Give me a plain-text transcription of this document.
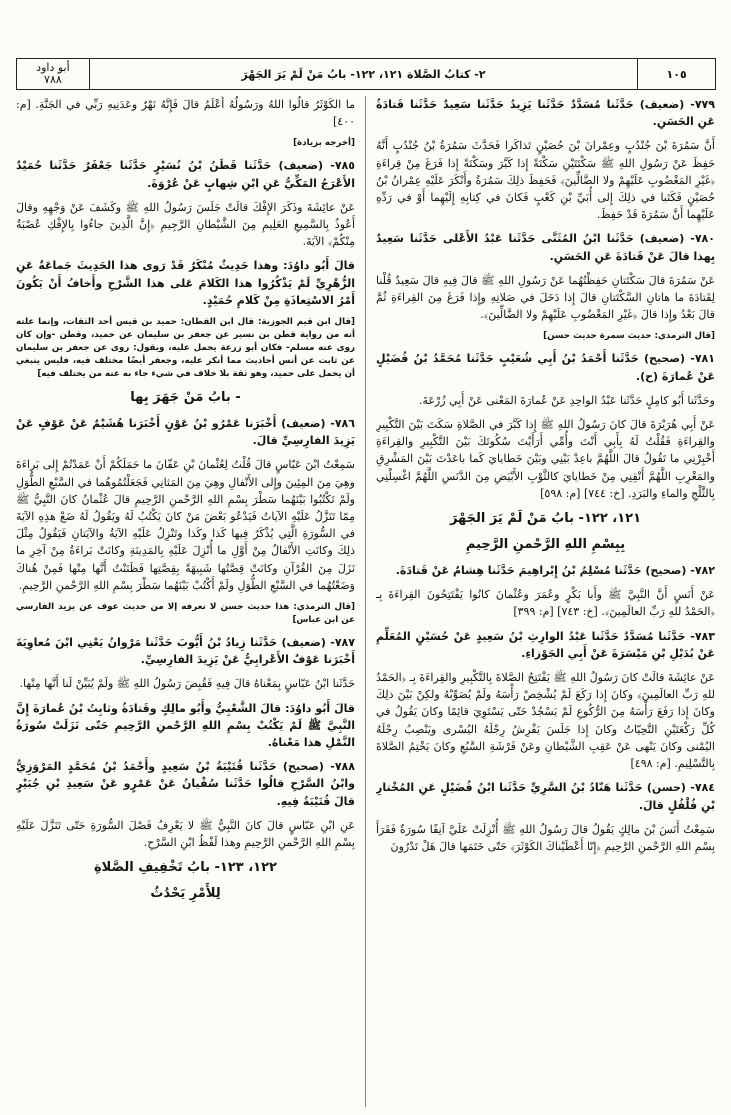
١٠٥
٢- كتابُ الصَّلاة ١٢١، ١٢٢- بابُ مَنْ لَمْ يَرَ الجَهْرَ
أبو داود
٧٨٨
٧٧٩- (ضعيف) حَدَّثَنا مُسَدَّدٌ حَدَّثَنا يَزِيدُ حَدَّثَنا سَعِيدٌ حَدَّثَنا قَتادَةُ عَنِ الحَسَنِ.
أَنَّ سَمُرَةَ بْنَ جُنْدُبٍ وعِمْرانَ بْنَ حُصَيْنٍ تَذاكَرا فَحَدَّثَ سَمُرَةُ بْنُ جُنْدُبٍ أَنَّهُ حَفِظَ عَنْ رَسُولِ اللهِ ﷺ سَكْتَتَيْنِ سَكْتَةً إِذا كَبَّرَ وسَكْتَةً إِذا فَرَغَ مِنْ قِراءَةِ ﴿غَيْرِ المَغْضُوبِ عَلَيْهِمْ ولا الضَّالِّينَ﴾ فَحَفِظَ ذلِكَ سَمُرَةُ وأَنْكَرَ عَلَيْهِ عِمْرانُ بْنُ حُصَيْنٍ فَكَتَبا في ذلِكَ إِلى أُبَيِّ بْنِ كَعْبٍ فَكانَ في كِتابِهِ إِلَيْهِما أَوْ في رَدِّهِ عَلَيْهِما أَنَّ سَمُرَةَ قَدْ حَفِظَ.
٧٨٠- (ضعيف) حَدَّثَنا ابْنُ المُثَنَّى حَدَّثَنا عَبْدُ الأَعْلى حَدَّثَنا سَعِيدٌ بِهذا قالَ عَنْ قَتادَةَ عَنِ الحَسَنِ.
عَنْ سَمُرَةَ قالَ سَكْتَتانِ حَفِظْتُهُما عَنْ رَسُولِ اللهِ ﷺ قالَ فِيهِ قالَ سَعِيدٌ قُلْنا لِقَتادَةَ ما هاتانِ السَّكْتَتانِ قالَ إِذا دَخَلَ في صَلاتِهِ وإِذا فَرَغَ مِنَ القِراءَةِ ثُمَّ قالَ بَعْدُ وإِذا قالَ ﴿غَيْرِ المَغْضُوبِ عَلَيْهِمْ ولا الضَّالِّينَ﴾.
[قال الترمذي: حديث سمرة حديث حسن]
٧٨١- (صحيح) حَدَّثَنا أَحْمَدُ بْنُ أَبِي شُعَيْبٍ حَدَّثَنا مُحَمَّدُ بْنُ فُضَيْلٍ عَنْ عُمارَةَ (ح).
وحَدَّثَنا أَبُو كامِلٍ حَدَّثَنا عَبْدُ الواحِدِ عَنْ عُمارَةَ المَعْنى عَنْ أَبِي زُرْعَةَ.
عَنْ أَبِي هُرَيْرَةَ قالَ كانَ رَسُولُ اللهِ ﷺ إِذا كَبَّرَ في الصَّلاةِ سَكَتَ بَيْنَ التَّكْبِيرِ والقِراءَةِ فَقُلْتُ لَهُ بِأَبِي أَنْتَ وأُمِّي أَرَأَيْتَ سُكُوتَكَ بَيْنَ التَّكْبِيرِ والقِراءَةِ أَخْبِرْنِي ما تَقُولُ قالَ اللَّهُمَّ باعِدْ بَيْنِي وبَيْنَ خَطايايَ كَما باعَدْتَ بَيْنَ المَشْرِقِ والمَغْرِبِ اللَّهُمَّ أَنْقِنِي مِنْ خَطايايَ كالثَّوْبِ الأَبْيَضِ مِنَ الدَّنَسِ اللَّهُمَّ اغْسِلْنِي بِالثَّلْجِ والماءِ والبَرَدِ. [خ: ٧٤٤] [م: ٥٩٨]
١٢١، ١٢٢- بابُ مَنْ لَمْ يَرَ الجَهْرَ
بِبِسْمِ اللهِ الرَّحْمنِ الرَّحِيمِ
٧٨٢- (صحيح) حَدَّثَنا مُسْلِمُ بْنُ إِبْراهِيمَ حَدَّثَنا هِشامٌ عَنْ قَتادَةَ.
عَنْ أَنَسٍ أَنَّ النَّبِيَّ ﷺ وأَبا بَكْرٍ وعُمَرَ وعُثْمانَ كانُوا يَفْتَتِحُونَ القِراءَةَ بِـ ﴿الحَمْدُ للهِ رَبِّ العالَمِينَ﴾. [خ: ٧٤٣] [م: ٣٩٩]
٧٨٣- حَدَّثَنا مُسَدَّدٌ حَدَّثَنا عَبْدُ الوارِثِ بْنُ سَعِيدٍ عَنْ حُسَيْنٍ المُعَلِّمِ عَنْ بُدَيْلِ بْنِ مَيْسَرَةَ عَنْ أَبِي الجَوْزاءِ.
عَنْ عائِشَةَ قالَتْ كانَ رَسُولُ اللهِ ﷺ يَفْتَتِحُ الصَّلاةَ بِالتَّكْبِيرِ والقِراءَةَ بِـ ﴿الحَمْدُ للهِ رَبِّ العالَمِينَ﴾ وكانَ إِذا رَكَعَ لَمْ يُشْخِصْ رَأْسَهُ ولَمْ يُصَوِّبْهُ ولكِنْ بَيْنَ ذلِكَ وكانَ إِذا رَفَعَ رَأْسَهُ مِنَ الرُّكُوعِ لَمْ يَسْجُدْ حَتّى يَسْتَوِيَ قائِمًا وكانَ يَقُولُ في كُلِّ رَكْعَتَيْنِ التَّحِيّاتُ وكانَ إِذا جَلَسَ يَفْرِشُ رِجْلَهُ اليُسْرى ويَنْصِبُ رِجْلَهُ اليُمْنى وكانَ يَنْهى عَنْ عَقِبِ الشَّيْطانِ وعَنْ فَرْشَةِ السَّبُعِ وكانَ يَخْتِمُ الصَّلاةَ بِالتَّسْلِيمِ. [م: ٤٩٨]
٧٨٤- (حسن) حَدَّثَنا هَنّادُ بْنُ السَّرِيِّ حَدَّثَنا ابْنُ فُضَيْلٍ عَنِ المُخْتارِ بْنِ فُلْفُلٍ قالَ.
سَمِعْتُ أَنَسَ بْنَ مالِكٍ يَقُولُ قالَ رَسُولُ اللهِ ﷺ أُنْزِلَتْ عَلَيَّ آنِفًا سُورَةٌ فَقَرَأَ بِسْمِ اللهِ الرَّحْمنِ الرَّحِيمِ ﴿إِنّا أَعْطَيْناكَ الكَوْثَرَ﴾ حَتّى خَتَمَها قالَ هَلْ تَدْرُونَ
ما الكَوْثَرُ قالُوا اللهُ ورَسُولُهُ أَعْلَمُ قالَ فَإِنَّهُ نَهْرٌ وعَدَنِيهِ رَبِّي في الجَنَّةِ. [م: ٤٠٠]
[أخرجه بزيادة]
٧٨٥- (ضعيف) حَدَّثَنا قَطَنُ بْنُ نُسَيْرٍ حَدَّثَنا جَعْفَرٌ حَدَّثَنا حُمَيْدٌ الأَعْرَجُ المَكِّيُّ عَنِ ابْنِ شِهابٍ عَنْ عُرْوَةَ.
عَنْ عائِشَةَ وذَكَرَ الإِفْكَ قالَتْ جَلَسَ رَسُولُ اللهِ ﷺ وكَشَفَ عَنْ وَجْهِهِ وقالَ أَعُوذُ بِالسَّمِيعِ العَلِيمِ مِنَ الشَّيْطانِ الرَّجِيمِ ﴿إِنَّ الَّذِينَ جاءُوا بِالإِفْكِ عُصْبَةٌ مِنْكُمْ﴾ الآيَةَ.
قالَ أَبُو داوُدَ: وهذا حَدِيثٌ مُنْكَرٌ قَدْ رَوى هذا الحَدِيثَ جَماعَةٌ عَنِ الزُّهْرِيِّ لَمْ يَذْكُرُوا هذا الكَلامَ عَلى هذا الشَّرْحِ وأَخافُ أَنْ يَكُونَ أَمْرُ الاسْتِعاذَةِ مِنْ كَلامِ حُمَيْدٍ.
[قال ابن قيم الجوزية: قال ابن القطان: حميد بن قيس أحد الثقات، وإنما علته أنه من رواية قطن بن نسير عن جعفر بن سليمان عن حميد، وقطن -وإن كان روى عنه مسلم- فكان أبو زرعة يحمل عليه، ويقول: روى عن جعفر بن سليمان عن ثابت عن أنس أحاديث مما أنكر عليه، وجعفر أيضًا مختلف فيه، فليس ينبغي أن يحمل على حميد، وهو ثقة بلا خلاف في شيء جاء به عنه من يختلف فيه]
- بابُ مَنْ جَهَرَ بِها
٧٨٦- (ضعيف) أَخْبَرَنا عَمْرُو بْنُ عَوْنٍ أَخْبَرَنا هُشَيْمٌ عَنْ عَوْفٍ عَنْ يَزِيدَ الفارِسِيِّ قالَ.
سَمِعْتُ ابْنَ عَبّاسٍ قالَ قُلْتُ لِعُثْمانَ بْنِ عَفّانَ ما حَمَلَكُمْ أَنْ عَمَدْتُمْ إِلى بَراءَةَ وهِيَ مِنَ المِئِينَ وإِلى الأَنْفالِ وهِيَ مِنَ المَثانِي فَجَعَلْتُمُوهُما في السَّبْعِ الطُّوَلِ ولَمْ تَكْتُبُوا بَيْنَهُما سَطْرَ بِسْمِ اللهِ الرَّحْمنِ الرَّحِيمِ قالَ عُثْمانُ كانَ النَّبِيُّ ﷺ مِمّا تَنَزَّلُ عَلَيْهِ الآياتُ فَيَدْعُو بَعْضَ مَنْ كانَ يَكْتُبُ لَهُ ويَقُولُ لَهُ ضَعْ هذِهِ الآيَةَ في السُّورَةِ الَّتِي يُذْكَرُ فِيها كَذا وكَذا وتَنْزِلُ عَلَيْهِ الآيَةُ والآيَتانِ فَيَقُولُ مِثْلَ ذلِكَ وكانَتِ الأَنْفالُ مِنْ أَوَّلِ ما أُنْزِلَ عَلَيْهِ بِالمَدِينَةِ وكانَتْ بَراءَةُ مِنْ آخِرِ ما نَزَلَ مِنَ القُرْآنِ وكانَتْ قِصَّتُها شَبِيهَةً بِقِصَّتِها فَظَنَنْتُ أَنَّها مِنْها فَمِنْ هُناكَ وَضَعْتُهُما في السَّبْعِ الطُّوَلِ ولَمْ أَكْتُبْ بَيْنَهُما سَطْرَ بِسْمِ اللهِ الرَّحْمنِ الرَّحِيمِ.
[قال الترمذي: هذا حديث حسن لا نعرفه إلا من حديث عوف عن يزيد الفارسي عن ابن عباس]
٧٨٧- (ضعيف) حَدَّثَنا زِيادُ بْنُ أَيُّوبَ حَدَّثَنا مَرْوانُ يَعْنِي ابْنَ مُعاوِيَةَ أَخْبَرَنا عَوْفٌ الأَعْرابِيُّ عَنْ يَزِيدَ الفارِسِيِّ.
حَدَّثَنا ابْنُ عَبّاسٍ بِمَعْناهُ قالَ فِيهِ فَقُبِضَ رَسُولُ اللهِ ﷺ ولَمْ يُبَيِّنْ لَنا أَنَّها مِنْها.
قالَ أَبُو داوُدَ: قالَ الشَّعْبِيُّ وأَبُو مالِكٍ وقَتادَةُ وثابِتُ بْنُ عُمارَةَ إِنَّ النَّبِيَّ ﷺ لَمْ يَكْتُبْ بِسْمِ اللهِ الرَّحْمنِ الرَّحِيمِ حَتّى نَزَلَتْ سُورَةُ النَّمْلِ هذا مَعْناهُ.
٧٨٨- (صحيح) حَدَّثَنا قُتَيْبَةُ بْنُ سَعِيدٍ وأَحْمَدُ بْنُ مُحَمَّدٍ المَرْوَزِيُّ وابْنُ السَّرْحِ قالُوا حَدَّثَنا سُفْيانُ عَنْ عَمْرٍو عَنْ سَعِيدِ بْنِ جُبَيْرٍ قالَ قُتَيْبَةُ فِيهِ.
عَنِ ابْنِ عَبّاسٍ قالَ كانَ النَّبِيُّ ﷺ لا يَعْرِفُ فَصْلَ السُّورَةِ حَتّى تَنَزَّلَ عَلَيْهِ بِسْمِ اللهِ الرَّحْمنِ الرَّحِيمِ وهذا لَفْظُ ابْنِ السَّرْحِ.
١٢٢، ١٢٣- بابُ تَخْفِيفِ الصَّلاةِ
لِلأَمْرِ يَحْدُثُ
